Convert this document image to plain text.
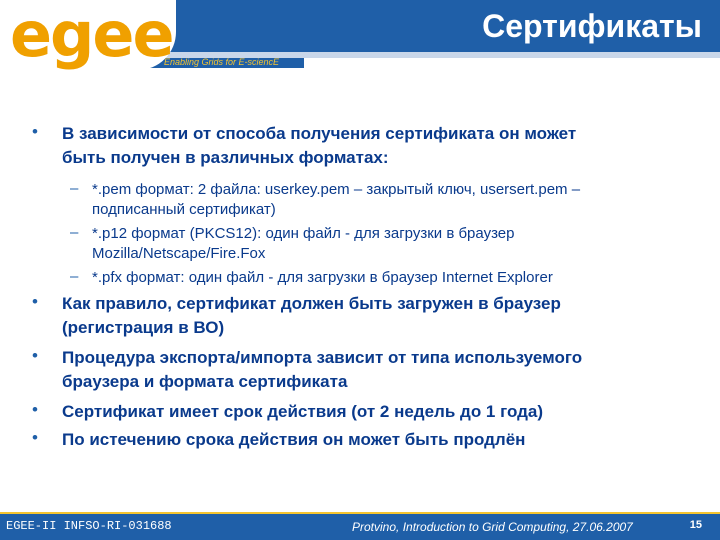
Сертификаты
Enabling Grids for E-sciencE
egee
• В зависимости от способа получения сертификата он может
быть получен в различных форматах:
– *.pem формат: 2 файла: userkey.pem – закрытый ключ, usersert.pem –
подписанный сертификат)
– *.p12 формат (PKCS12): один файл - для загрузки в браузер
Mozilla/Netscape/Fire.Fox
– *.pfx формат: один файл - для загрузки в браузер Internet Explorer
• Как правило, сертификат должен быть загружен в браузер
(регистрация в ВО)
• Процедура экспорта/импорта зависит от типа используемого
браузера и формата сертификата
• Сертификат имеет срок действия (от 2 недель до 1 года)
• По истечению срока действия он может быть продлён
EGEE-II INFSO-RI-031688	Protvino, Introduction to Grid Computing, 27.06.2007	15
